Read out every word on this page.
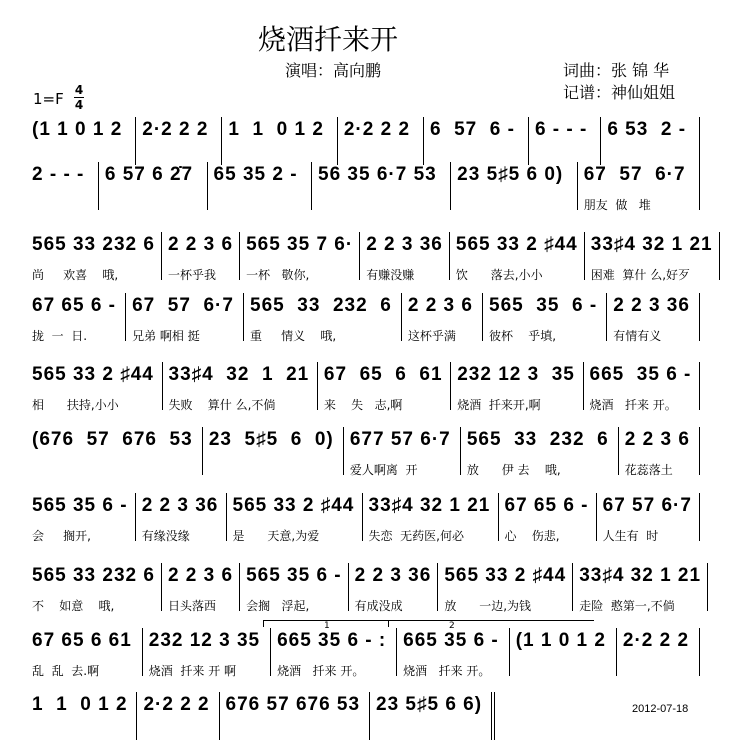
烧酒扦来开
演唱：高向鹏	词曲：张 锦 华
记谱：神仙姐姐
1=F 4
4
(1 1 0 1 2	2·2 2 2	1  1  0 1 2	2·2 2 2	6  57  6 -	6 - - -	6 53  2 -
2 - - -	6 57 6 2̇7	65 35 2 -	56 35 6·7 53	23 5♯5 6 0)	67  57  6·7
朋友  做   堆
565 33 232 6
尚     欢喜    哦,
2 2 3 6
一杯乎我
565 35 7 6·
一杯   敬你,
2 2 3 36
有赚没赚
565 33 2 ♯44
饮      落去,小小
33♯4 32 1 21
困难  算什 么,好歹
67 65 6 -
拢  一  日.
67  57  6·7
兄弟 啊相 挺
565  33  232  6
重     情义    哦,
2 2 3 6
这杯乎满
565  35  6 -
彼杯    乎填,
2 2 3 36
有情有义
565 33 2 ♯44
相      扶持,小小
33♯4  32  1  21
失败    算什 么,不倘
67  65  6  61
来    失   志,啊
232 12 3  35
烧酒  扦来开,啊
665  35 6 -
烧酒   扦来 开。
(676  57  676  53 23  5♯5  6  0) 677 57 6·7
爱人啊离  开
565  33  232  6
放      伊 去    哦,
2 2 3 6
花蕊落土
565 35 6 -
会     搁开,
2 2 3 36
有缘没缘
565 33 2 ♯44
是      天意,为爱
33♯4 32 1 21
失恋  无药医,何必
67 65 6 -
心    伤悲,
67 57 6·7
人生有  时
565 33 232 6
不    如意    哦,
2 2 3 6
日头落西
565 35 6 -
会搁   浮起,
2 2 3 36
有成没成
565 33 2 ♯44
放      一边,为钱
33♯4 32 1 21
走险  憨第一,不倘
67 65 6 61
乱  乱  去.啊
232 12 3 35
烧酒  扦来 开 啊
665 35 6 - :
烧酒   扦来 开。
665 35 6 -
烧酒   扦来 开。
(1 1 0 1 2 2·2 2 2
1  1  0 1 2 2·2 2 2 676 57 676 53 23 5♯5 6 6)
1	2
2012-07-18
